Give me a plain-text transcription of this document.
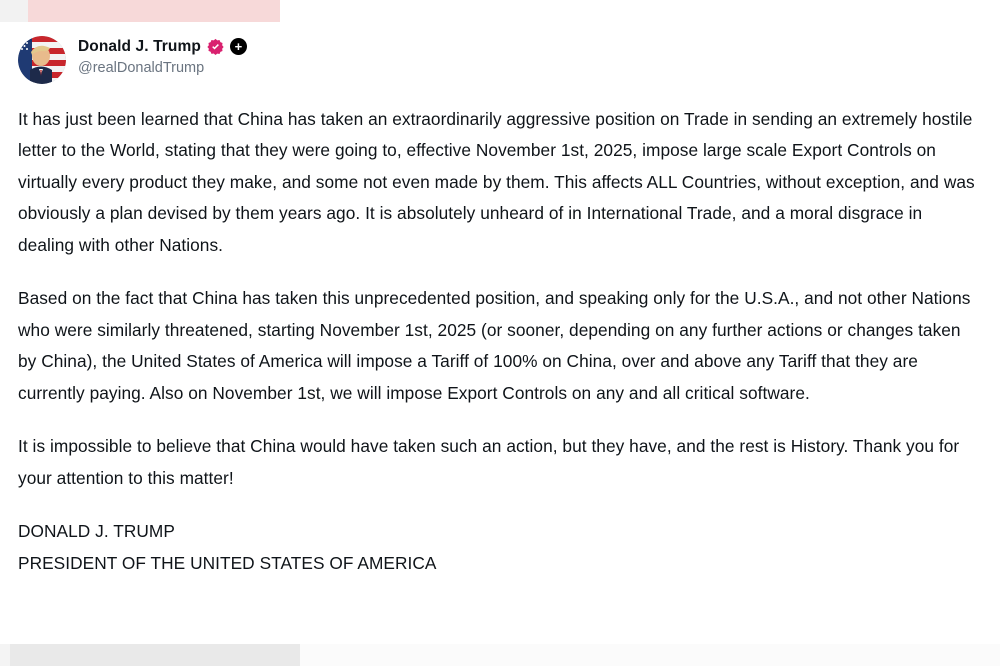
Donald J. Trump	+
@realDonaldTrump

It has just been learned that China has taken an extraordinarily aggressive position on Trade in sending an extremely hostile letter to the World, stating that they were going to, effective November 1st, 2025, impose large scale Export Controls on virtually every product they make, and some not even made by them. This affects ALL Countries, without exception, and was obviously a plan devised by them years ago. It is absolutely unheard of in International Trade, and a moral disgrace in dealing with other Nations.

Based on the fact that China has taken this unprecedented position, and speaking only for the U.S.A., and not other Nations who were similarly threatened, starting November 1st, 2025 (or sooner, depending on any further actions or changes taken by China), the United States of America will impose a Tariff of 100% on China, over and above any Tariff that they are currently paying. Also on November 1st, we will impose Export Controls on any and all critical software.

It is impossible to believe that China would have taken such an action, but they have, and the rest is History. Thank you for your attention to this matter!

DONALD J. TRUMP
PRESIDENT OF THE UNITED STATES OF AMERICA
